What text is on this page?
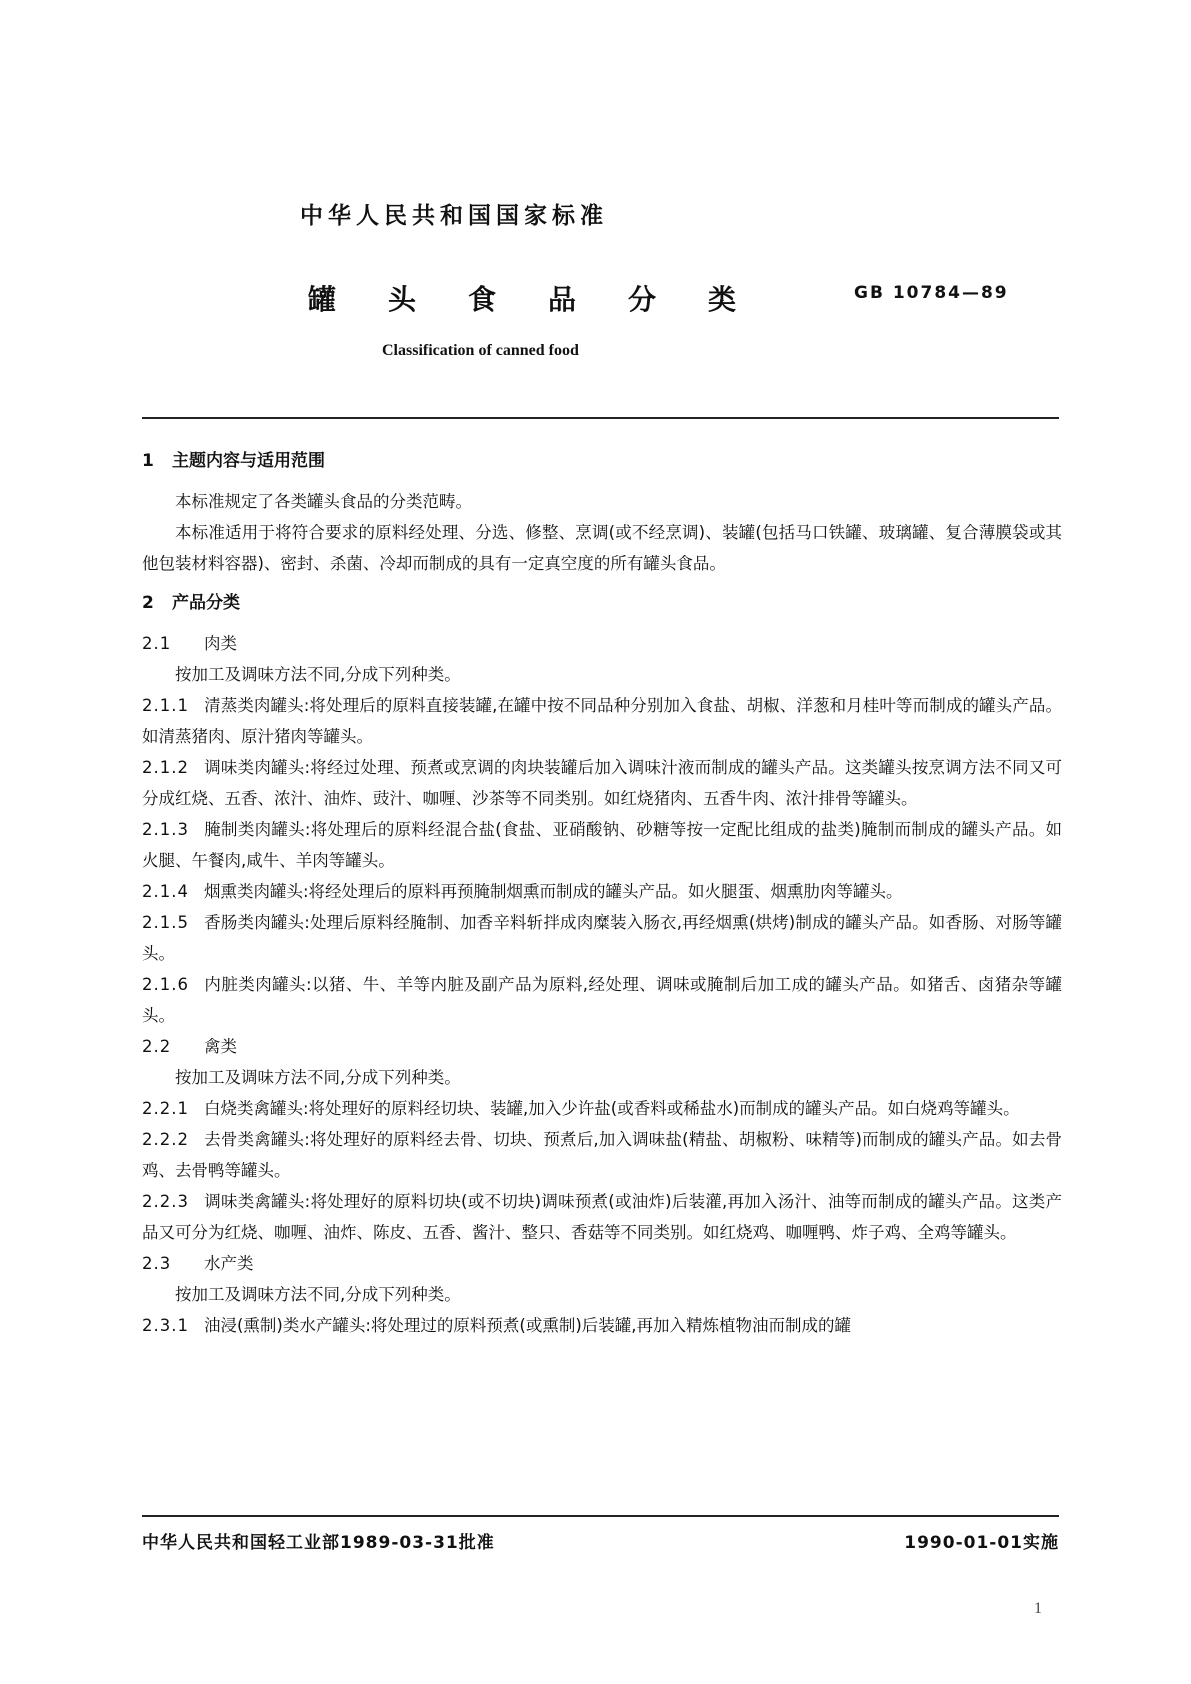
中华人民共和国国家标准
罐头食品分类	GB 10784—89
Classification of canned food

1 主题内容与适用范围

本标准规定了各类罐头食品的分类范畴。

本标准适用于将符合要求的原料经处理、分选、修整、烹调(或不经烹调)、装罐(包括马口铁罐、玻璃罐、复合薄膜袋或其他包装材料容器)、密封、杀菌、冷却而制成的具有一定真空度的所有罐头食品。

2 产品分类

2.1 肉类

按加工及调味方法不同,分成下列种类。

2.1.1 清蒸类肉罐头:将处理后的原料直接装罐,在罐中按不同品种分别加入食盐、胡椒、洋葱和月桂叶等而制成的罐头产品。如清蒸猪肉、原汁猪肉等罐头。

2.1.2 调味类肉罐头:将经过处理、预煮或烹调的肉块装罐后加入调味汁液而制成的罐头产品。这类罐头按烹调方法不同又可分成红烧、五香、浓汁、油炸、豉汁、咖喱、沙茶等不同类别。如红烧猪肉、五香牛肉、浓汁排骨等罐头。

2.1.3 腌制类肉罐头:将处理后的原料经混合盐(食盐、亚硝酸钠、砂糖等按一定配比组成的盐类)腌制而制成的罐头产品。如火腿、午餐肉,咸牛、羊肉等罐头。

2.1.4 烟熏类肉罐头:将经处理后的原料再预腌制烟熏而制成的罐头产品。如火腿蛋、烟熏肋肉等罐头。

2.1.5 香肠类肉罐头:处理后原料经腌制、加香辛料斩拌成肉糜装入肠衣,再经烟熏(烘烤)制成的罐头产品。如香肠、对肠等罐头。

2.1.6 内脏类肉罐头:以猪、牛、羊等内脏及副产品为原料,经处理、调味或腌制后加工成的罐头产品。如猪舌、卤猪杂等罐头。

2.2 禽类

按加工及调味方法不同,分成下列种类。

2.2.1 白烧类禽罐头:将处理好的原料经切块、装罐,加入少许盐(或香料或稀盐水)而制成的罐头产品。如白烧鸡等罐头。

2.2.2 去骨类禽罐头:将处理好的原料经去骨、切块、预煮后,加入调味盐(精盐、胡椒粉、味精等)而制成的罐头产品。如去骨鸡、去骨鸭等罐头。

2.2.3 调味类禽罐头:将处理好的原料切块(或不切块)调味预煮(或油炸)后装灌,再加入汤汁、油等而制成的罐头产品。这类产品又可分为红烧、咖喱、油炸、陈皮、五香、酱汁、整只、香菇等不同类别。如红烧鸡、咖喱鸭、炸子鸡、全鸡等罐头。

2.3 水产类

按加工及调味方法不同,分成下列种类。

2.3.1 油浸(熏制)类水产罐头:将处理过的原料预煮(或熏制)后装罐,再加入精炼植物油而制成的罐

中华人民共和国轻工业部1989-03-31批准	1990-01-01实施
1
